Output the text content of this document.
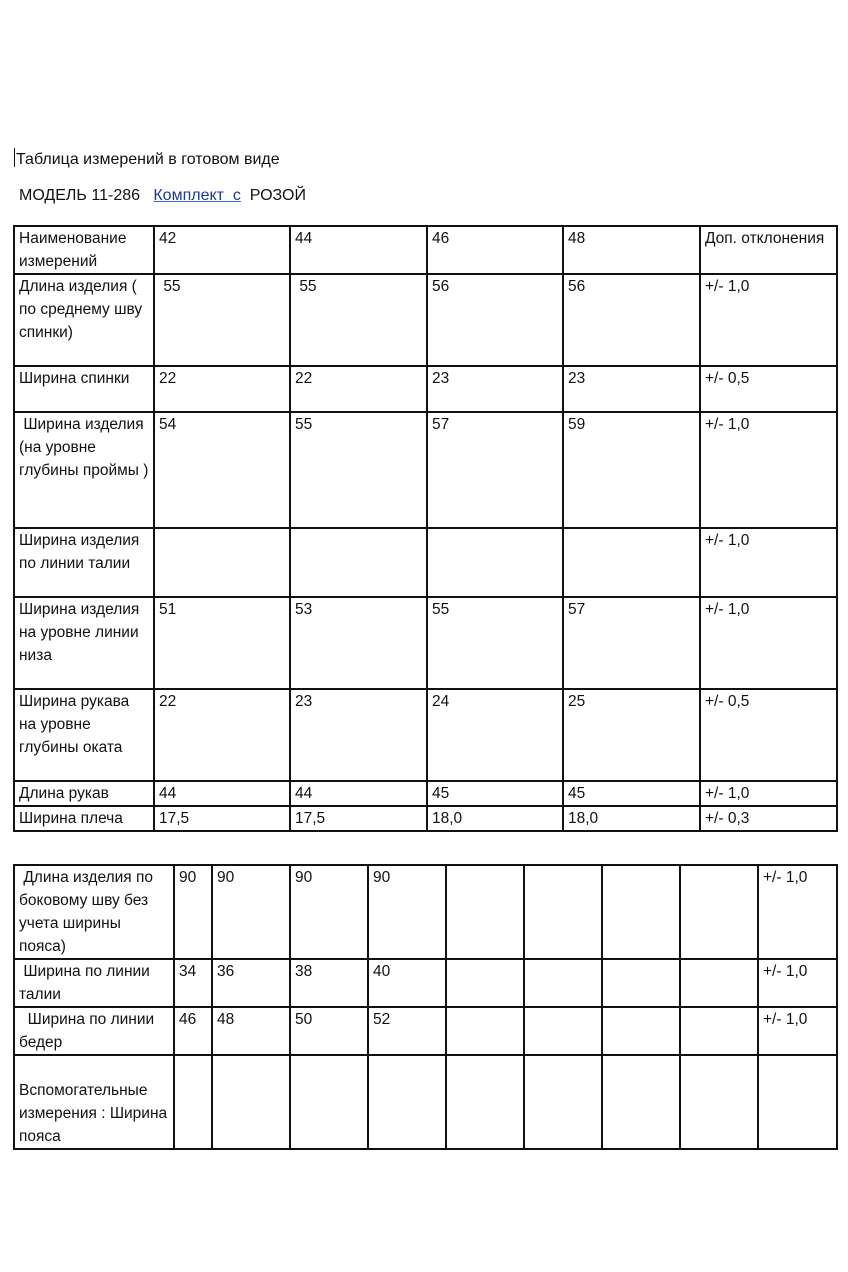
Таблица измерений в готовом виде
МОДЕЛЬ 11-286 Комплект  с РОЗОЙ
Наименование измерений	42	44	46	48	Доп. отклонения
Длина изделия ( по среднему шву спинки)	55	55	56	56	+/- 1,0
Ширина спинки	22	22	23	23	+/- 0,5
Ширина изделия (на уровне глубины проймы )	54	55	57	59	+/- 1,0
Ширина изделия по линии талии					+/- 1,0
Ширина изделия на уровне линии низа	51	53	55	57	+/- 1,0
Ширина рукава на уровне глубины оката	22	23	24	25	+/- 0,5
Длина рукав	44	44	45	45	+/- 1,0
Ширина плеча	17,5	17,5	18,0	18,0	+/- 0,3
Длина изделия по боковому шву без учета ширины пояса)	90	90	90	90					+/- 1,0
Ширина по линии талии	34	36	38	40					+/- 1,0
Ширина по линии бедер	46	48	50	52					+/- 1,0

Вспомогательные измерения : Ширина пояса									
